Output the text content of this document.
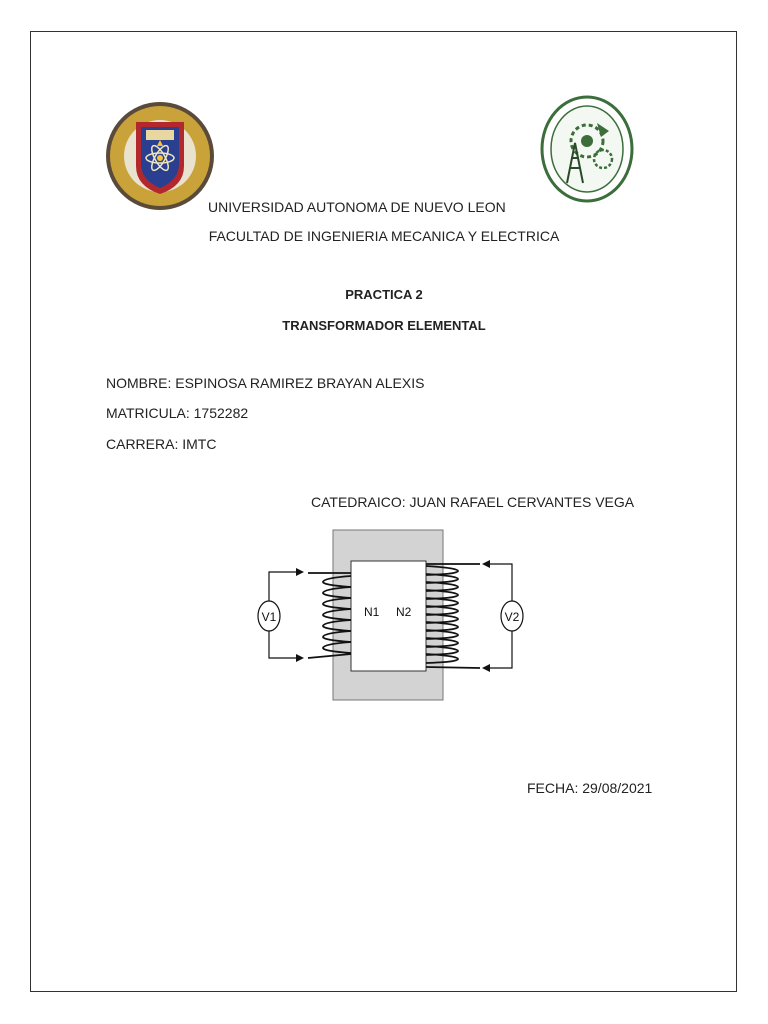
UNIVERSIDAD AUTONOMA DE NUEVO LEON
FACULTAD DE INGENIERIA MECANICA Y ELECTRICA
PRACTICA 2
TRANSFORMADOR ELEMENTAL
NOMBRE: ESPINOSA RAMIREZ BRAYAN ALEXIS
MATRICULA: 1752282
CARRERA: IMTC
CATEDRAICO: JUAN RAFAEL CERVANTES VEGA
V1	V2
N1 N2
FECHA: 29/08/2021
